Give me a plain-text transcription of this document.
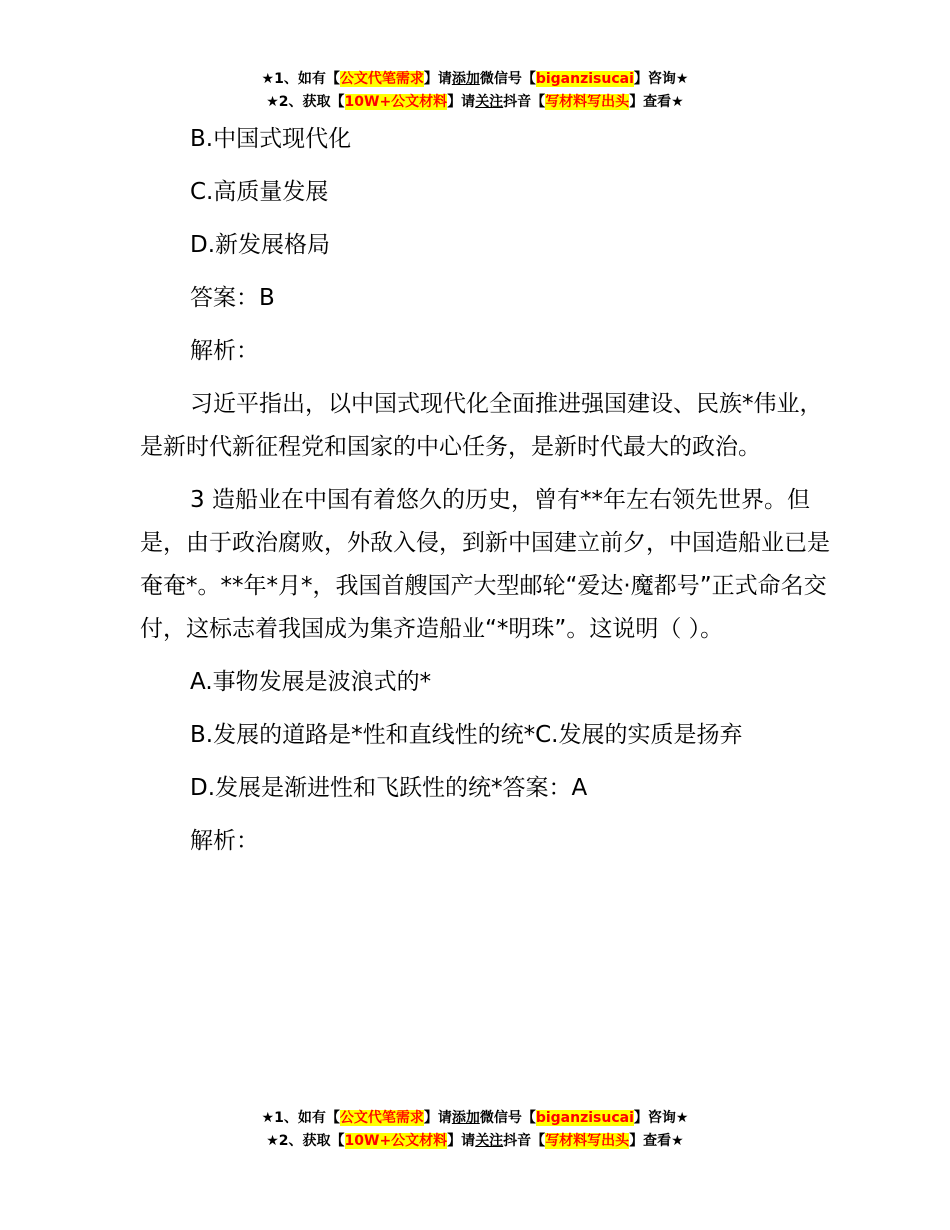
★1、如有【公文代笔需求】请添加微信号【biganzisucai】咨询★
★2、获取【10W+公文材料】请关注抖音【写材料写出头】查看★

B.中国式现代化

C.高质量发展

D.新发展格局

答案：B

解析：

习近平指出，以中国式现代化全面推进强国建设、民族*伟业，是新时代新征程党和国家的中心任务，是新时代最大的政治。

3 造船业在中国有着悠久的历史，曾有**年左右领先世界。但是，由于政治腐败，外敌入侵，到新中国建立前夕，中国造船业已是奄奄*。**年*月*，我国首艘国产大型邮轮“爱达·魔都号”正式命名交付，这标志着我国成为集齐造船业“*明珠”。这说明（ ）。

A.事物发展是波浪式的*

B.发展的道路是*性和直线性的统*C.发展的实质是扬弃

D.发展是渐进性和飞跃性的统*答案：A

解析：

★1、如有【公文代笔需求】请添加微信号【biganzisucai】咨询★
★2、获取【10W+公文材料】请关注抖音【写材料写出头】查看★
